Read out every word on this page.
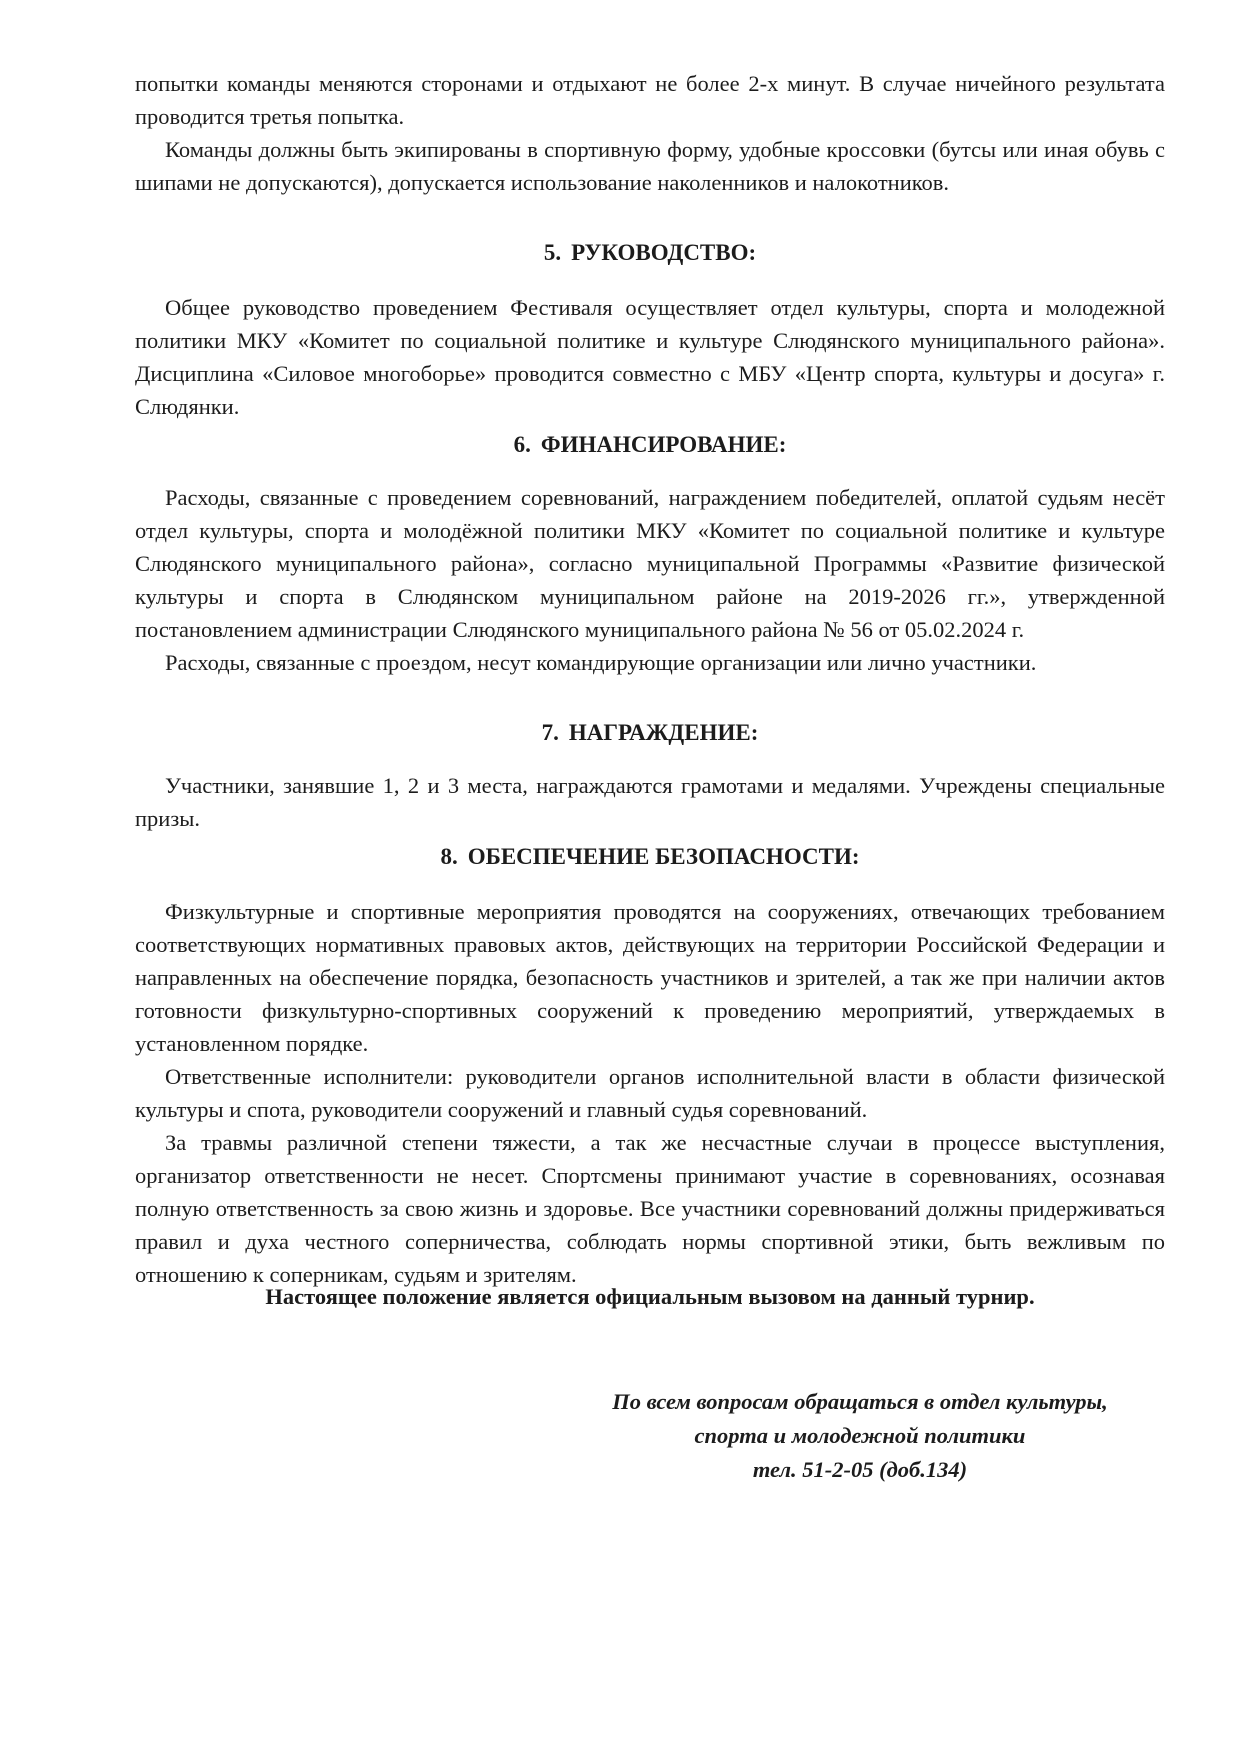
попытки команды меняются сторонами и отдыхают не более 2-х минут. В случае ничейного результата проводится третья попытка.

Команды должны быть экипированы в спортивную форму, удобные кроссовки (бутсы или иная обувь с шипами не допускаются), допускается использование наколенников и налокотников.

5. РУКОВОДСТВО:

Общее руководство проведением Фестиваля осуществляет отдел культуры, спорта и молодежной политики МКУ «Комитет по социальной политике и культуре Слюдянского муниципального района». Дисциплина «Силовое многоборье» проводится совместно с МБУ «Центр спорта, культуры и досуга» г. Слюдянки.

6. ФИНАНСИРОВАНИЕ:

Расходы, связанные с проведением соревнований, награждением победителей, оплатой судьям несёт отдел культуры, спорта и молодёжной политики МКУ «Комитет по социальной политике и культуре Слюдянского муниципального района», согласно муниципальной Программы «Развитие физической культуры и спорта в Слюдянском муниципальном районе на 2019-2026 гг.», утвержденной постановлением администрации Слюдянского муниципального района № 56 от 05.02.2024 г.

Расходы, связанные с проездом, несут командирующие организации или лично участники.

7. НАГРАЖДЕНИЕ:

Участники, занявшие 1, 2 и 3 места, награждаются грамотами и медалями. Учреждены специальные призы.

8. ОБЕСПЕЧЕНИЕ БЕЗОПАСНОСТИ:

Физкультурные и спортивные мероприятия проводятся на сооружениях, отвечающих требованием соответствующих нормативных правовых актов, действующих на территории Российской Федерации и направленных на обеспечение порядка, безопасность участников и зрителей, а так же при наличии актов готовности физкультурно-спортивных сооружений к проведению мероприятий, утверждаемых в установленном порядке.

Ответственные исполнители: руководители органов исполнительной власти в области физической культуры и спота, руководители сооружений и главный судья соревнований.

За травмы различной степени тяжести, а так же несчастные случаи в процессе выступления, организатор ответственности не несет. Спортсмены принимают участие в соревнованиях, осознавая полную ответственность за свою жизнь и здоровье. Все участники соревнований должны придерживаться правил и духа честного соперничества, соблюдать нормы спортивной этики, быть вежливым по отношению к соперникам, судьям и зрителям.

Настоящее положение является официальным вызовом на данный турнир.

По всем вопросам обращаться в отдел культуры,
спорта и молодежной политики
тел. 51-2-05 (доб.134)
